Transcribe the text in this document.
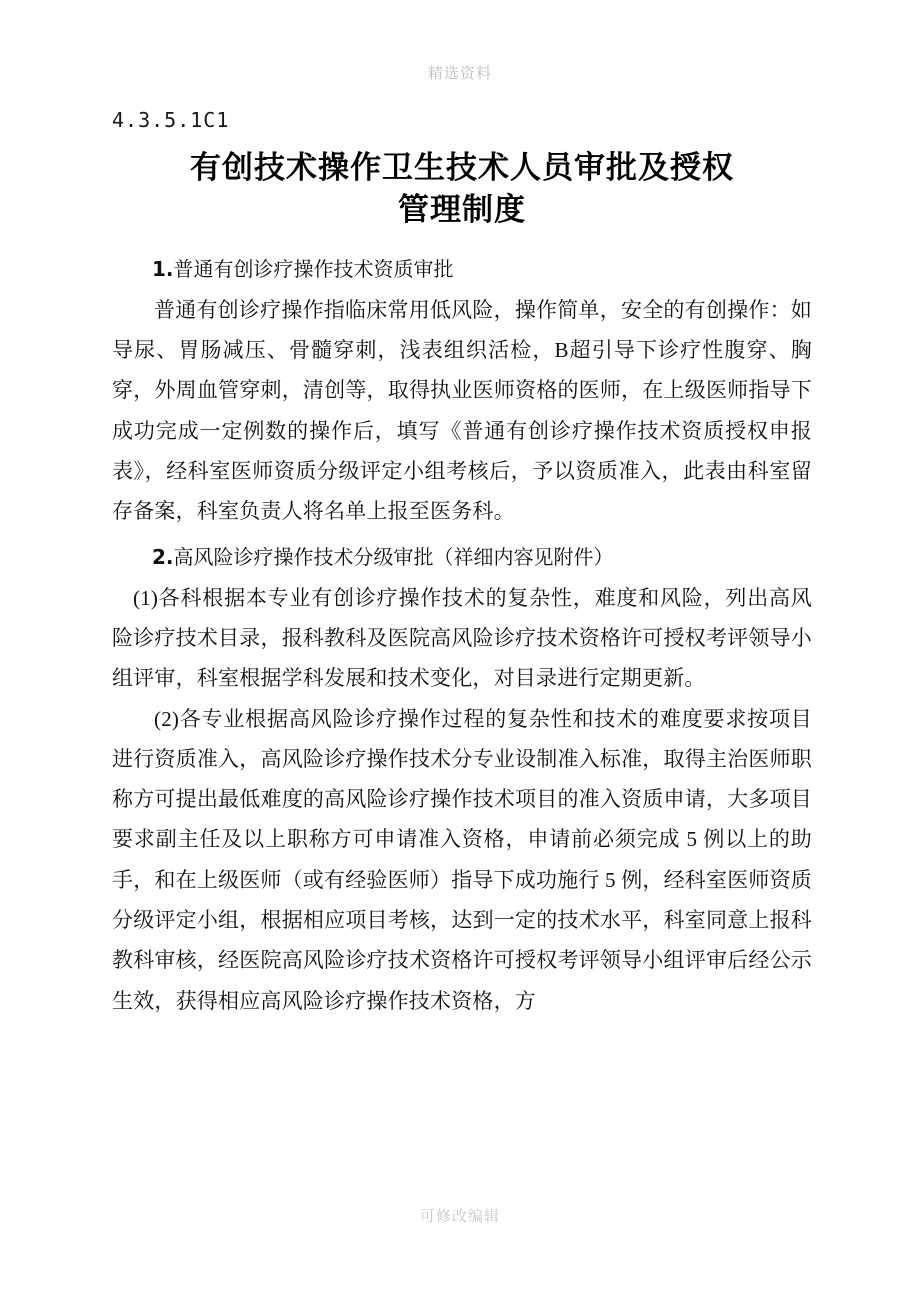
精选资料
4.3.5.1C1
有创技术操作卫生技术人员审批及授权
管理制度

1.普通有创诊疗操作技术资质审批

普通有创诊疗操作指临床常用低风险，操作简单，安全的有创操作：如导尿、胃肠减压、骨髓穿刺，浅表组织活检，B超引导下诊疗性腹穿、胸穿，外周血管穿刺，清创等，取得执业医师资格的医师，在上级医师指导下成功完成一定例数的操作后，填写《普通有创诊疗操作技术资质授权申报表》，经科室医师资质分级评定小组考核后，予以资质准入，此表由科室留存备案，科室负责人将名单上报至医务科。

2.高风险诊疗操作技术分级审批（祥细内容见附件）

(1)各科根据本专业有创诊疗操作技术的复杂性，难度和风险，列出高风险诊疗技术目录，报科教科及医院高风险诊疗技术资格许可授权考评领导小组评审，科室根据学科发展和技术变化，对目录进行定期更新。

(2)各专业根据高风险诊疗操作过程的复杂性和技术的难度要求按项目进行资质准入，高风险诊疗操作技术分专业设制准入标准，取得主治医师职称方可提出最低难度的高风险诊疗操作技术项目的准入资质申请，大多项目要求副主任及以上职称方可申请准入资格，申请前必须完成 5 例以上的助手，和在上级医师（或有经验医师）指导下成功施行 5 例，经科室医师资质分级评定小组，根据相应项目考核，达到一定的技术水平，科室同意上报科教科审核，经医院高风险诊疗技术资格许可授权考评领导小组评审后经公示生效，获得相应高风险诊疗操作技术资格，方

可修改编辑
